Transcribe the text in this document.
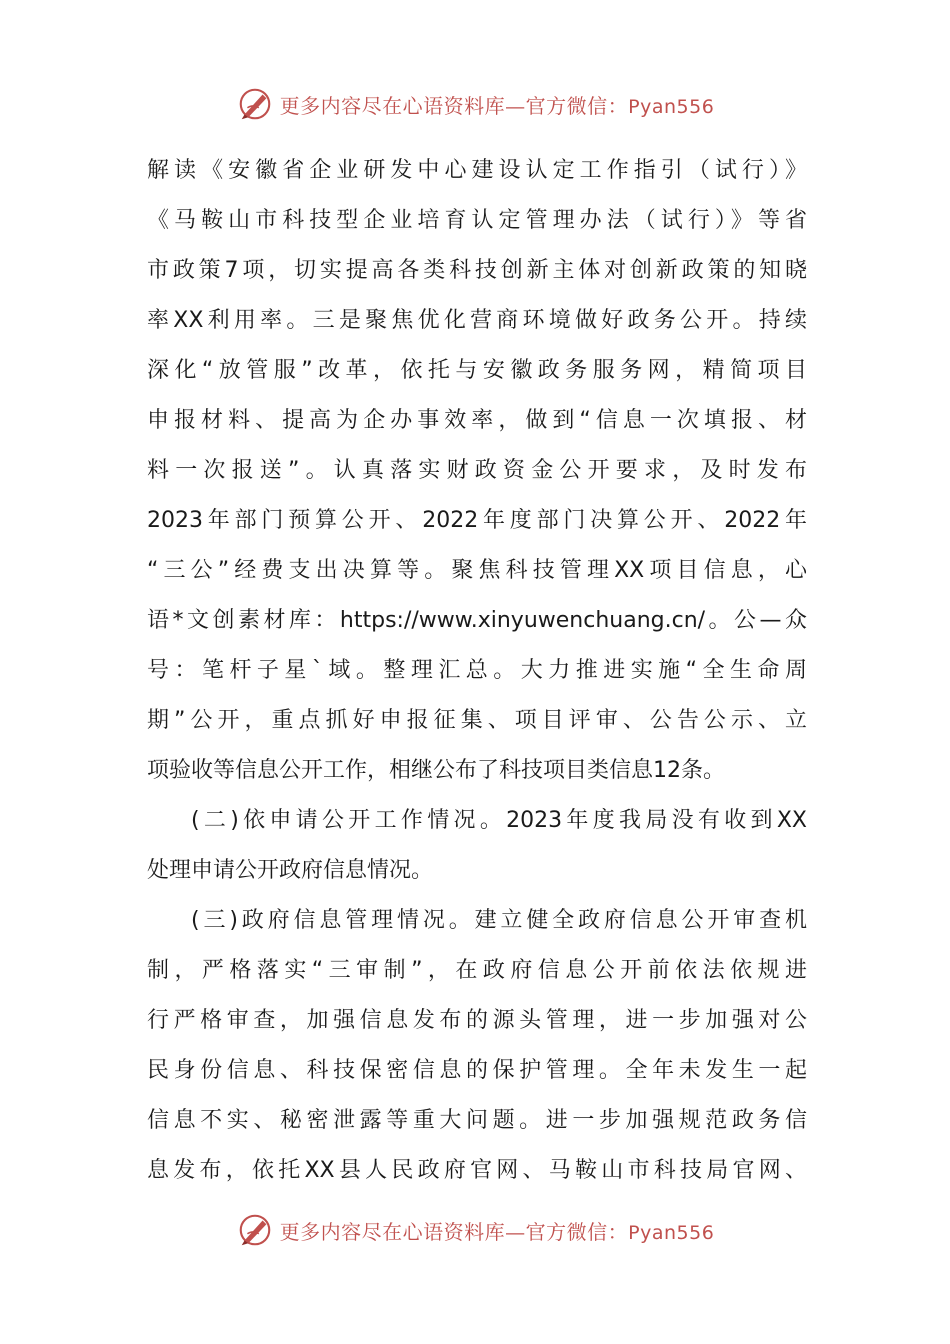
更多内容尽在心语资料库—官方微信：Pyan556
解读《安徽省企业研发中心建设认定工作指引（试行）》
《马鞍山市科技型企业培育认定管理办法（试行）》等省
市政策7项，切实提高各类科技创新主体对创新政策的知晓
率XX利用率。三是聚焦优化营商环境做好政务公开。持续
深化“放管服”改革，依托与安徽政务服务网，精简项目
申报材料、提高为企办事效率，做到“信息一次填报、材
料一次报送”。认真落实财政资金公开要求，及时发布
2023年部门预算公开、2022年度部门决算公开、2022年
“三公”经费支出决算等。聚焦科技管理XX项目信息，心
语*文创素材库：https://www.xinyuwenchuang.cn/。公—众
号：笔杆子星`域。整理汇总。大力推进实施“全生命周
期”公开，重点抓好申报征集、项目评审、公告公示、立
项验收等信息公开工作，相继公布了科技项目类信息12条。
(二)依申请公开工作情况。2023年度我局没有收到XX
处理申请公开政府信息情况。
(三)政府信息管理情况。建立健全政府信息公开审查机
制，严格落实“三审制”，在政府信息公开前依法依规进
行严格审查，加强信息发布的源头管理，进一步加强对公
民身份信息、科技保密信息的保护管理。全年未发生一起
信息不实、秘密泄露等重大问题。进一步加强规范政务信
息发布，依托XX县人民政府官网、马鞍山市科技局官网、
更多内容尽在心语资料库—官方微信：Pyan556
